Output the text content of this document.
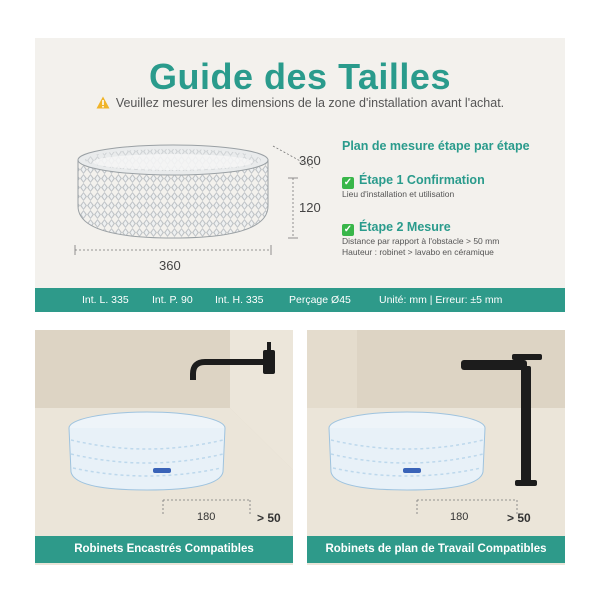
Guide des Tailles
Veuillez mesurer les dimensions de la zone d'installation avant l'achat.
360
120
360
Plan de mesure étape par étape
✓ Étape 1 Confirmation
Lieu d'installation et utilisation
✓ Étape 2 Mesure
Distance par rapport à l'obstacle > 50 mm
Hauteur : robinet > lavabo en céramique
Int. L. 335 Int. P. 90 Int. H. 335 Perçage Ø45	Unité: mm | Erreur: ±5 mm
180	> 50
Robinets Encastrés Compatibles
180	> 50
Robinets de plan de Travail Compatibles
